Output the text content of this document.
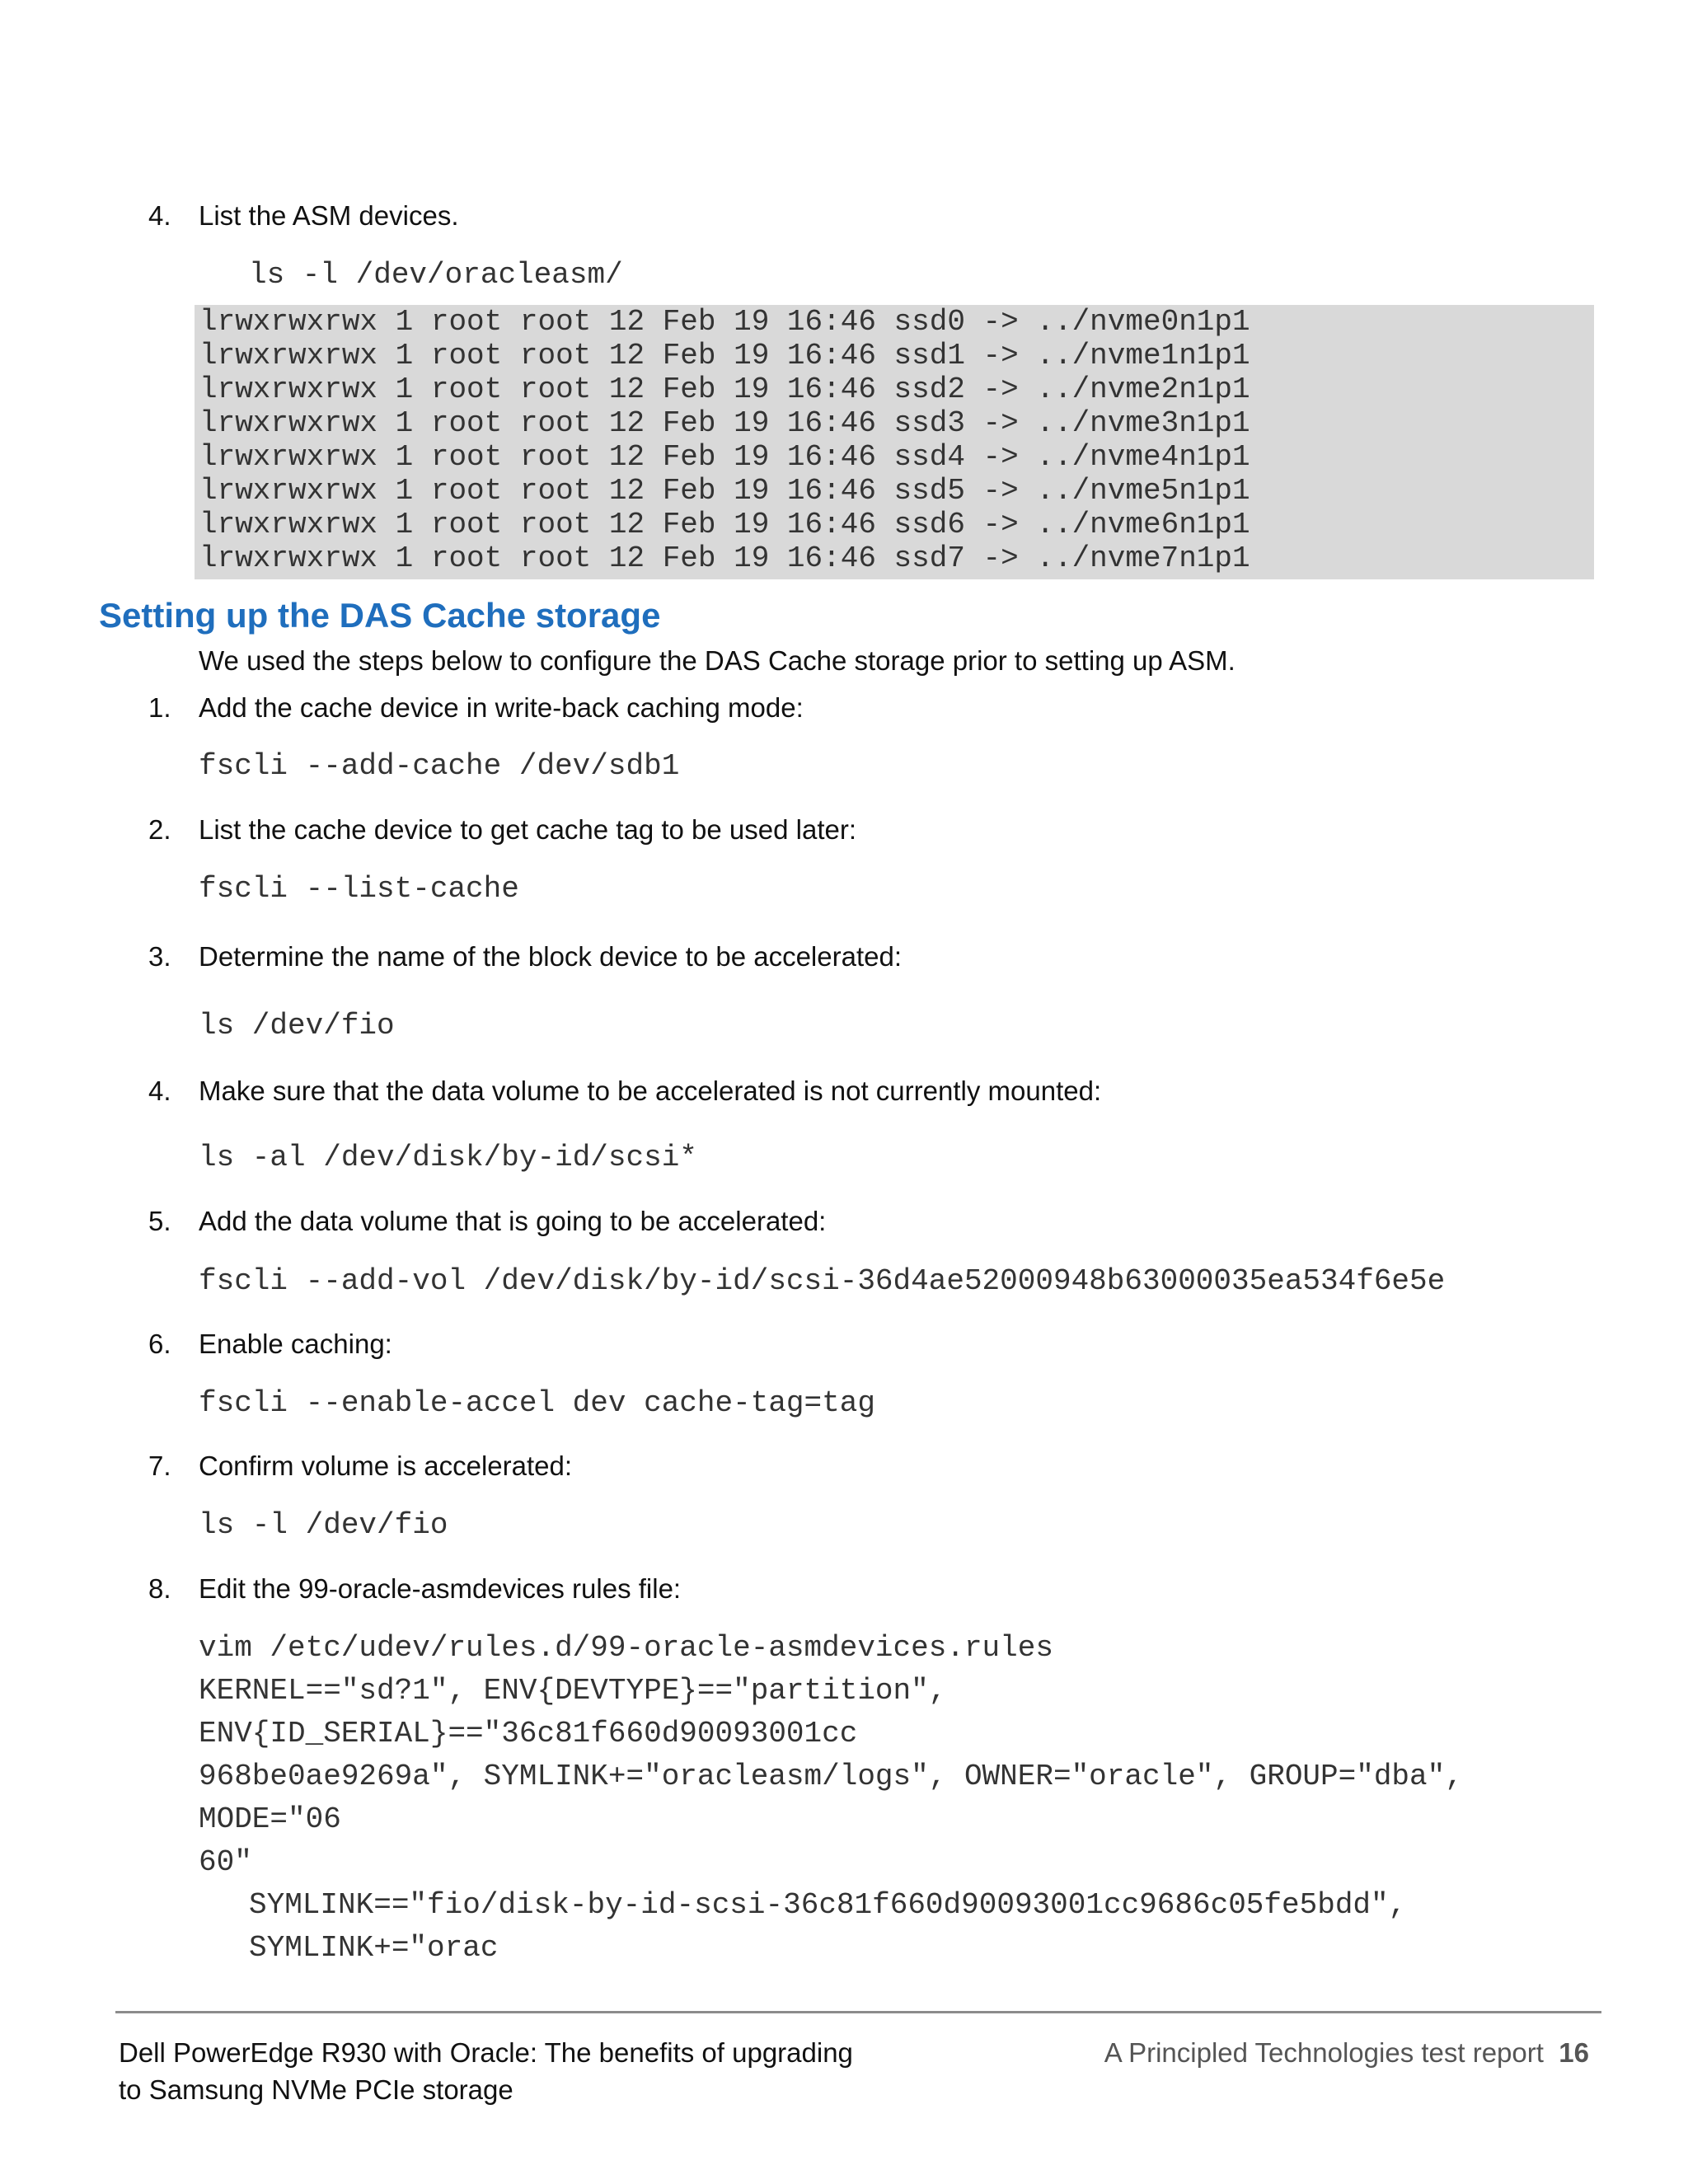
4. List the ASM devices.
ls -l /dev/oracleasm/
lrwxrwxrwx 1 root root 12 Feb 19 16:46 ssd0 -> ../nvme0n1p1
lrwxrwxrwx 1 root root 12 Feb 19 16:46 ssd1 -> ../nvme1n1p1
lrwxrwxrwx 1 root root 12 Feb 19 16:46 ssd2 -> ../nvme2n1p1
lrwxrwxrwx 1 root root 12 Feb 19 16:46 ssd3 -> ../nvme3n1p1
lrwxrwxrwx 1 root root 12 Feb 19 16:46 ssd4 -> ../nvme4n1p1
lrwxrwxrwx 1 root root 12 Feb 19 16:46 ssd5 -> ../nvme5n1p1
lrwxrwxrwx 1 root root 12 Feb 19 16:46 ssd6 -> ../nvme6n1p1
lrwxrwxrwx 1 root root 12 Feb 19 16:46 ssd7 -> ../nvme7n1p1
Setting up the DAS Cache storage
We used the steps below to configure the DAS Cache storage prior to setting up ASM.
1. Add the cache device in write-back caching mode:
fscli --add-cache /dev/sdb1
2. List the cache device to get cache tag to be used later:
fscli --list-cache
3. Determine the name of the block device to be accelerated:
ls /dev/fio
4. Make sure that the data volume to be accelerated is not currently mounted:
ls -al /dev/disk/by-id/scsi*
5. Add the data volume that is going to be accelerated:
fscli --add-vol /dev/disk/by-id/scsi-36d4ae52000948b63000035ea534f6e5e
6. Enable caching:
fscli --enable-accel dev cache-tag=tag
7. Confirm volume is accelerated:
ls -l /dev/fio
8. Edit the 99-oracle-asmdevices rules file:
vim /etc/udev/rules.d/99-oracle-asmdevices.rules
KERNEL=="sd?1", ENV{DEVTYPE}=="partition",
ENV{ID_SERIAL}=="36c81f660d90093001cc
968be0ae9269a", SYMLINK+="oracleasm/logs", OWNER="oracle", GROUP="dba",
MODE="06
60"
SYMLINK=="fio/disk-by-id-scsi-36c81f660d90093001cc9686c05fe5bdd",
SYMLINK+="orac
Dell PowerEdge R930 with Oracle: The benefits of upgrading
to Samsung NVMe PCIe storage
A Principled Technologies test report 16
